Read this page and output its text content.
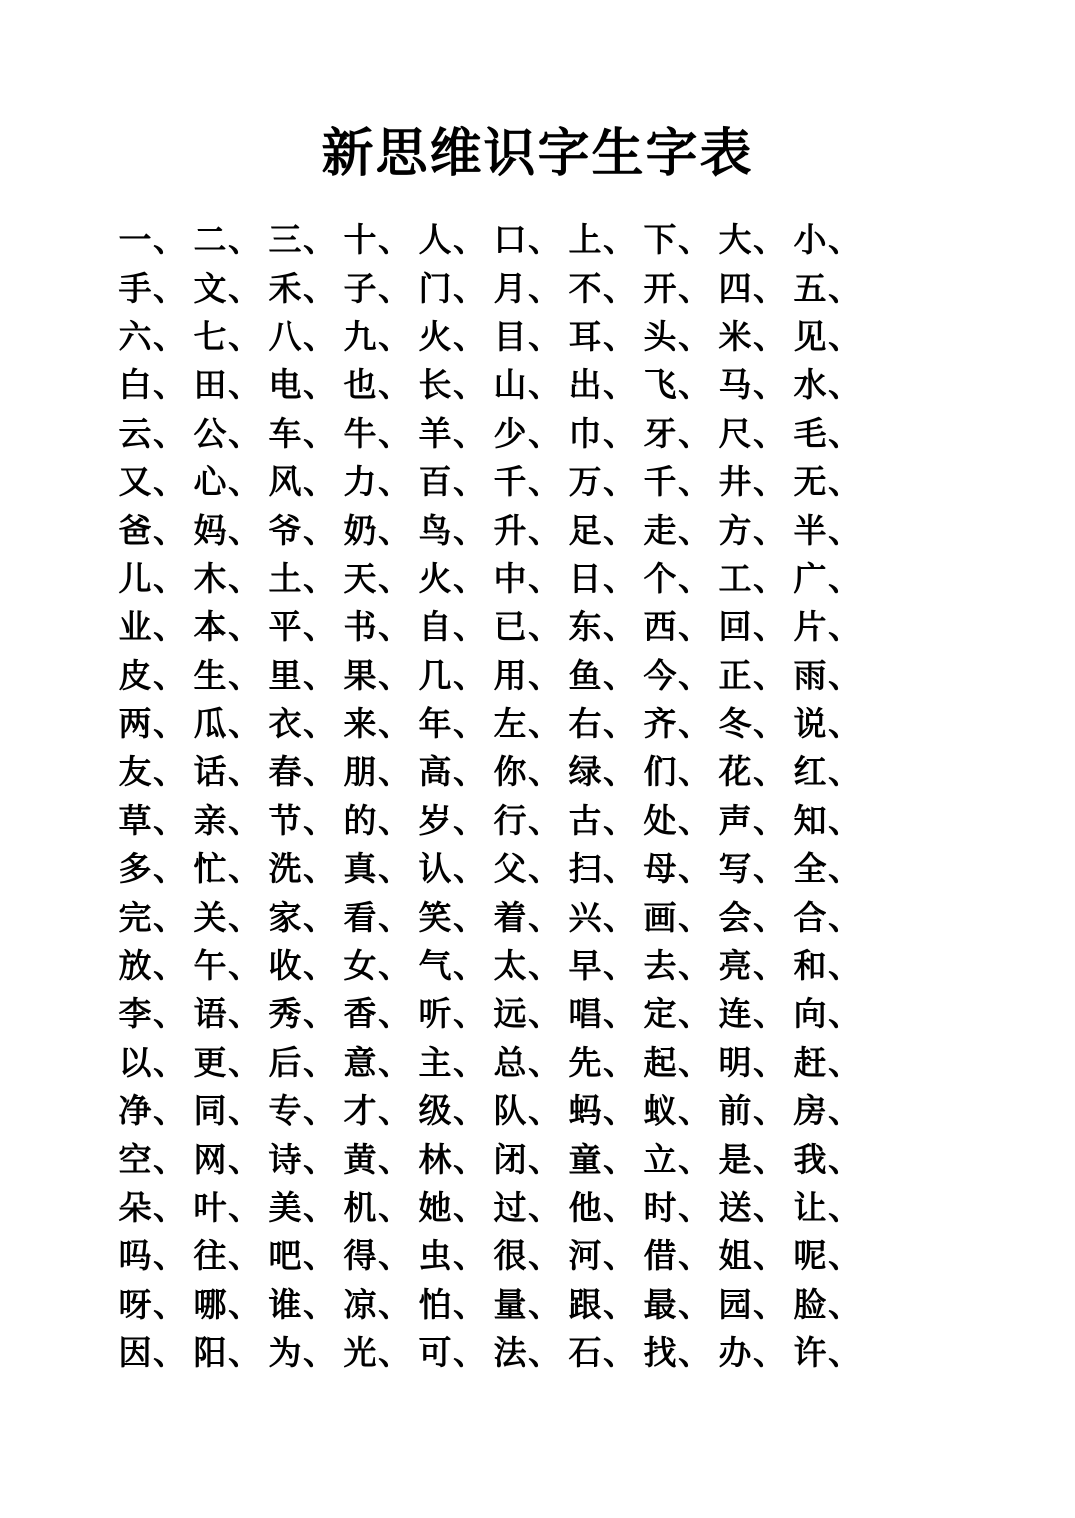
新思维识字生字表
一 、 二 、 三 、 十 、 人 、 口 、 上 、 下 、 大 、 小 、
手 、 文 、 禾 、 子 、 门 、 月 、 不 、 开 、 四 、 五 、
六 、 七 、 八 、 九 、 火 、 目 、 耳 、 头 、 米 、 见 、
白 、 田 、 电 、 也 、 长 、 山 、 出 、 飞 、 马 、 水 、
云 、 公 、 车 、 牛 、 羊 、 少 、 巾 、 牙 、 尺 、 毛 、
又 、 心 、 风 、 力 、 百 、 千 、 万 、 千 、 井 、 无 、
爸 、 妈 、 爷 、 奶 、 鸟 、 升 、 足 、 走 、 方 、 半 、
儿 、 木 、 土 、 天 、 火 、 中 、 日 、 个 、 工 、 广 、
业 、 本 、 平 、 书 、 自 、 已 、 东 、 西 、 回 、 片 、
皮 、 生 、 里 、 果 、 几 、 用 、 鱼 、 今 、 正 、 雨 、
两 、 瓜 、 衣 、 来 、 年 、 左 、 右 、 齐 、 冬 、 说 、
友 、 话 、 春 、 朋 、 高 、 你 、 绿 、 们 、 花 、 红 、
草 、 亲 、 节 、 的 、 岁 、 行 、 古 、 处 、 声 、 知 、
多 、 忙 、 洗 、 真 、 认 、 父 、 扫 、 母 、 写 、 全 、
完 、 关 、 家 、 看 、 笑 、 着 、 兴 、 画 、 会 、 合 、
放 、 午 、 收 、 女 、 气 、 太 、 早 、 去 、 亮 、 和 、
李 、 语 、 秀 、 香 、 听 、 远 、 唱 、 定 、 连 、 向 、
以 、 更 、 后 、 意 、 主 、 总 、 先 、 起 、 明 、 赶 、
净 、 同 、 专 、 才 、 级 、 队 、 蚂 、 蚁 、 前 、 房 、
空 、 网 、 诗 、 黄 、 林 、 闭 、 童 、 立 、 是 、 我 、
朵 、 叶 、 美 、 机 、 她 、 过 、 他 、 时 、 送 、 让 、
吗 、 往 、 吧 、 得 、 虫 、 很 、 河 、 借 、 姐 、 呢 、
呀 、 哪 、 谁 、 凉 、 怕 、 量 、 跟 、 最 、 园 、 脸 、
因 、 阳 、 为 、 光 、 可 、 法 、 石 、 找 、 办 、 许 、
